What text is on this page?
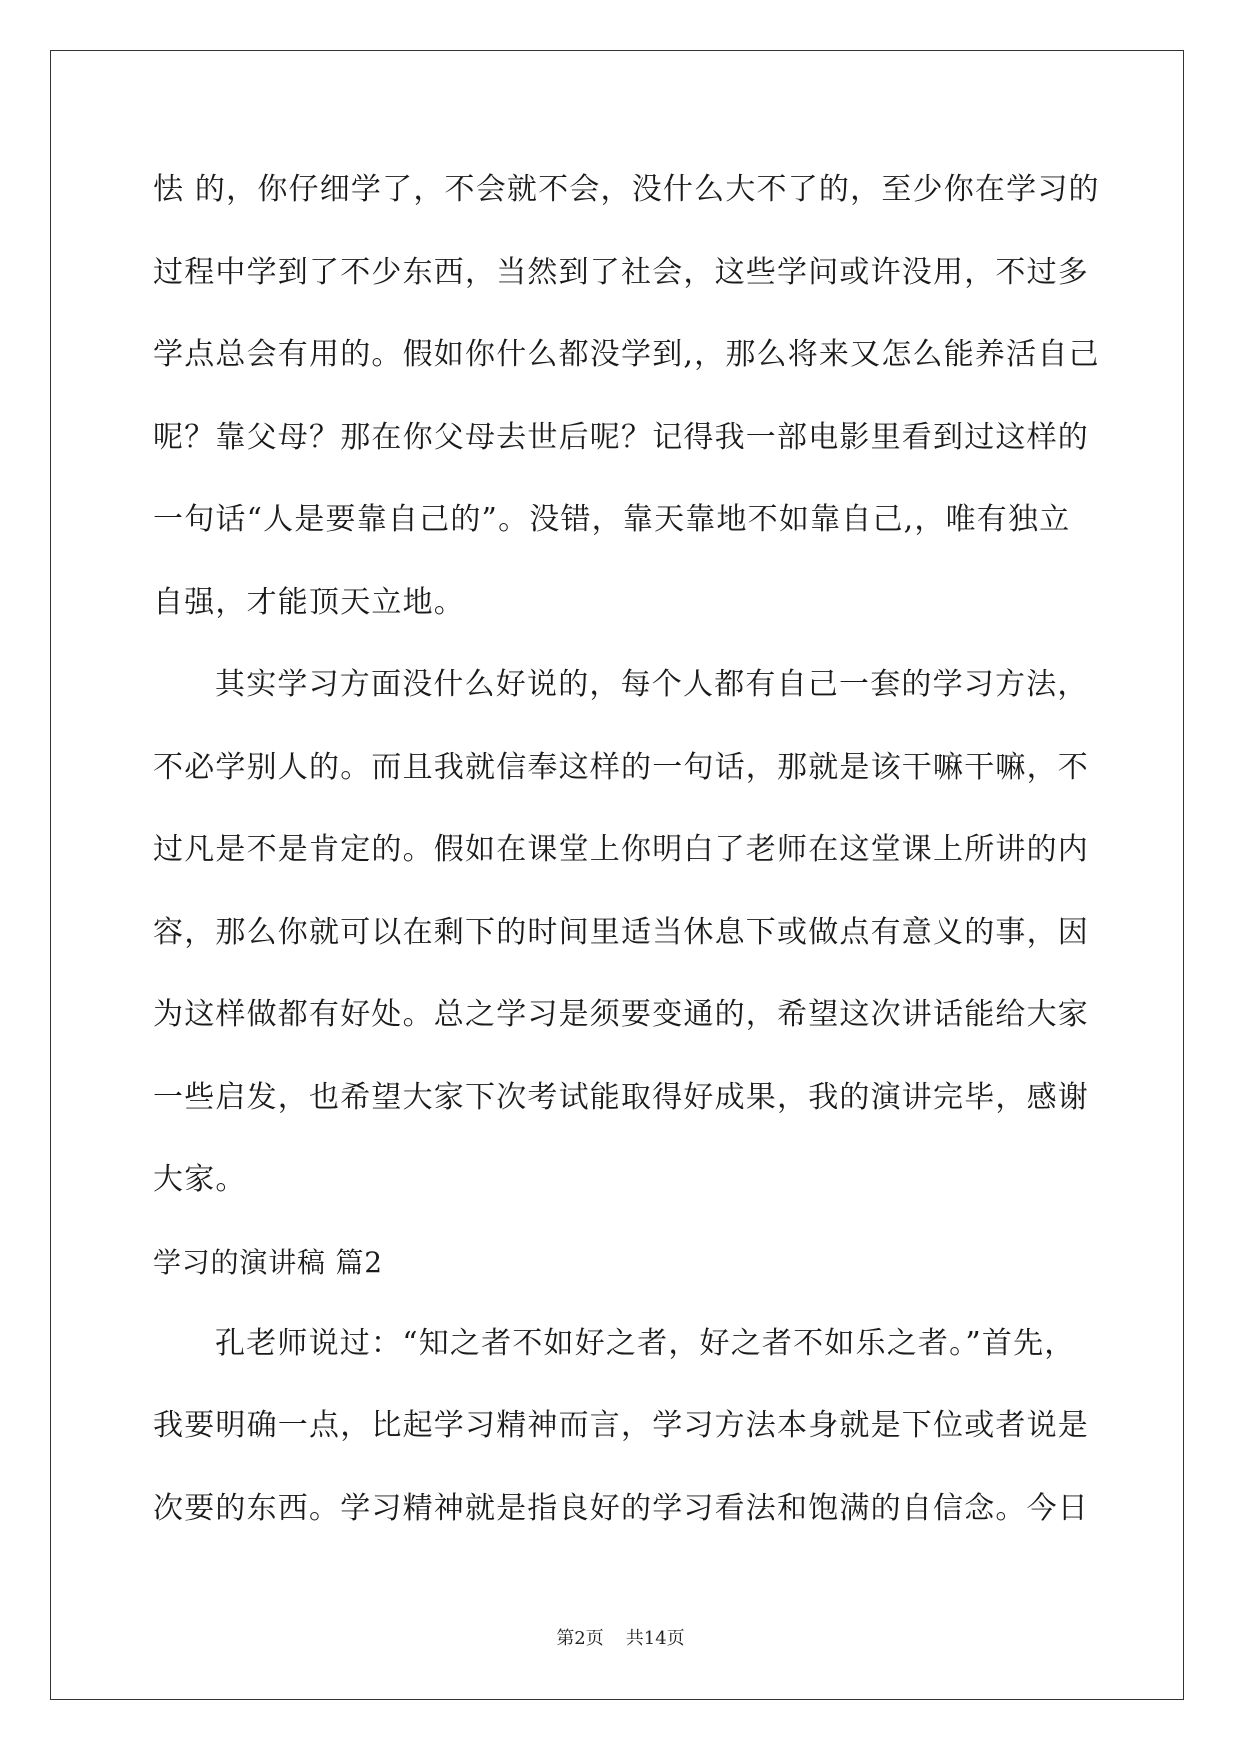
怯 的，你仔细学了，不会就不会，没什么大不了的，至少你在学习的
过程中学到了不少东西，当然到了社会，这些学问或许没用，不过多
学点总会有用的。假如你什么都没学到,，那么将来又怎么能养活自己
呢？靠父母？那在你父母去世后呢？记得我一部电影里看到过这样的
一句话“人是要靠自己的”。没错，靠天靠地不如靠自己,，唯有独立
自强，才能顶天立地。
其实学习方面没什么好说的，每个人都有自己一套的学习方法，
不必学别人的。而且我就信奉这样的一句话，那就是该干嘛干嘛，不
过凡是不是肯定的。假如在课堂上你明白了老师在这堂课上所讲的内
容，那么你就可以在剩下的时间里适当休息下或做点有意义的事，因
为这样做都有好处。总之学习是须要变通的，希望这次讲话能给大家
一些启发，也希望大家下次考试能取得好成果，我的演讲完毕，感谢
大家。
学习的演讲稿 篇2
孔老师说过：“知之者不如好之者，好之者不如乐之者。”首先，
我要明确一点，比起学习精神而言，学习方法本身就是下位或者说是
次要的东西。学习精神就是指良好的学习看法和饱满的自信念。今日
第2页 共14页
